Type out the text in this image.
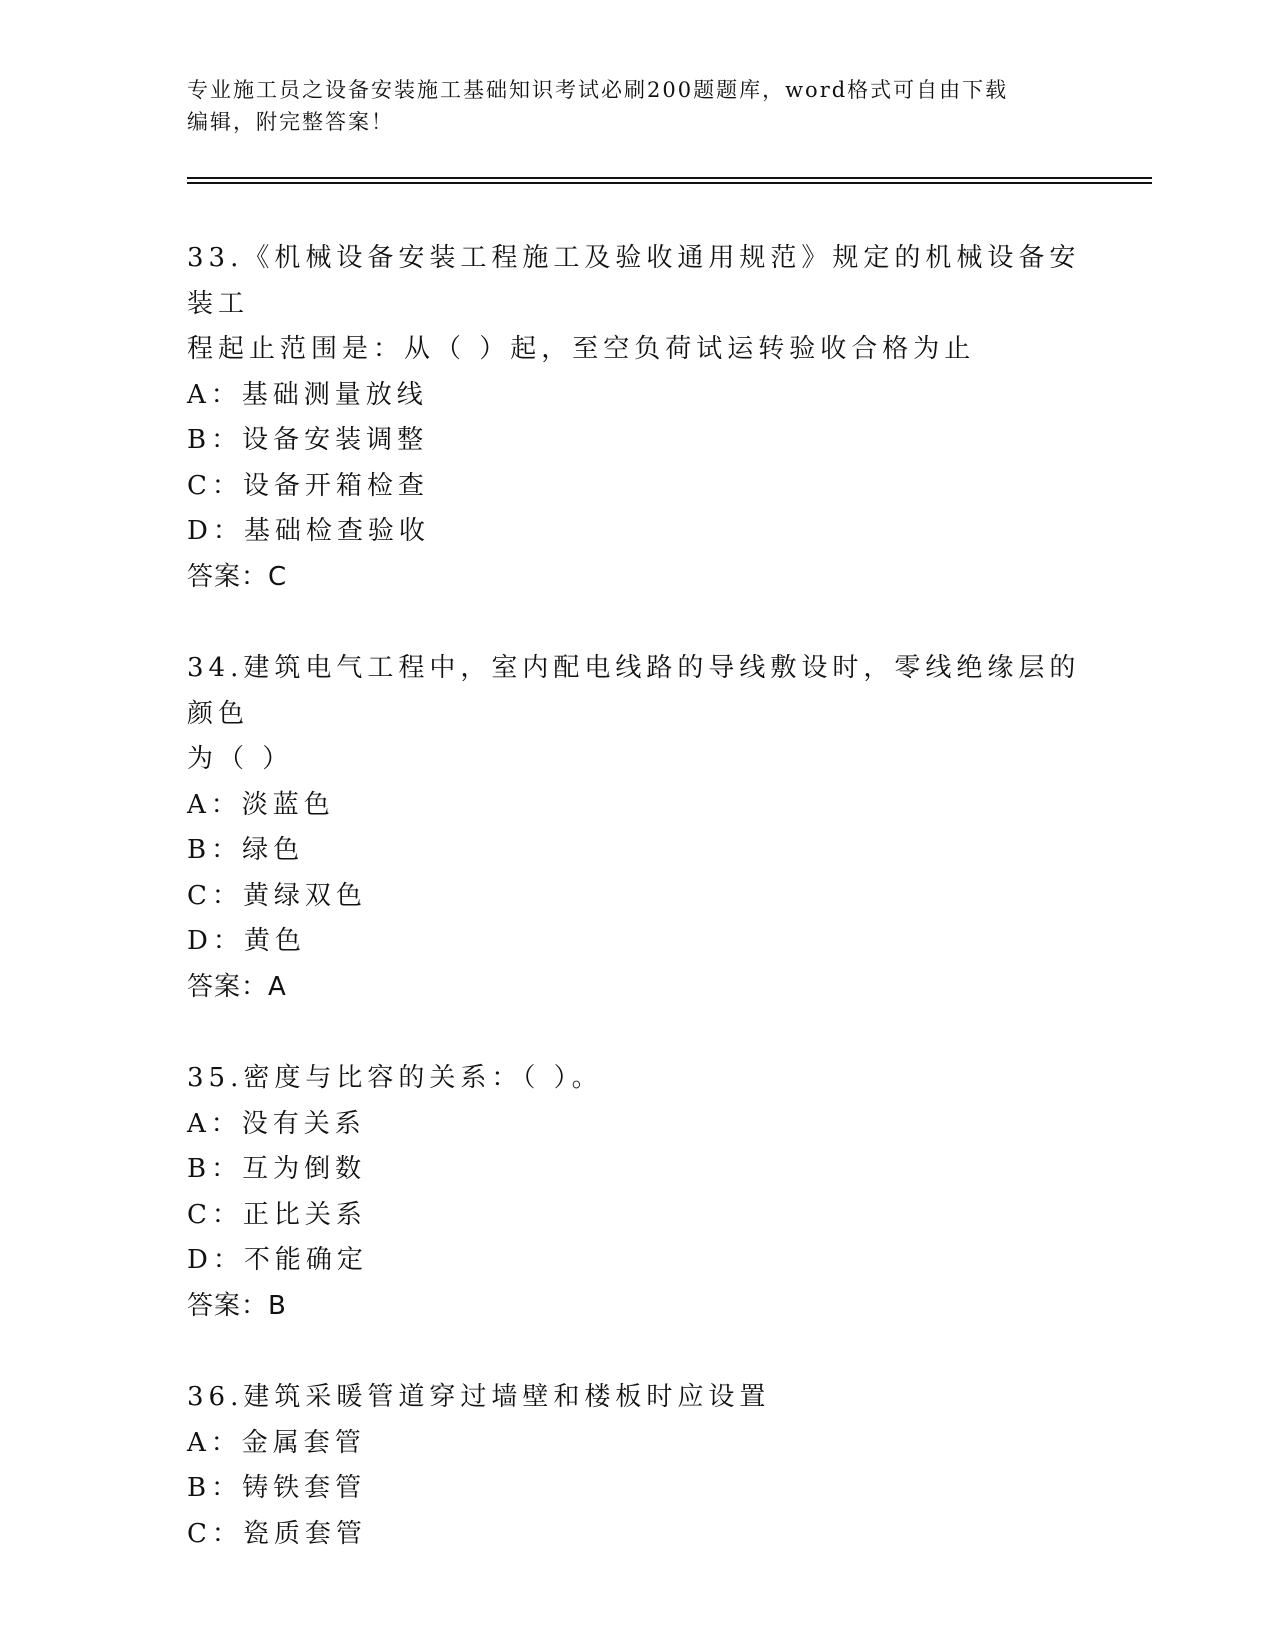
专业施工员之设备安装施工基础知识考试必刷200题题库，word格式可自由下载
编辑，附完整答案！
33.《机械设备安装工程施工及验收通用规范》规定的机械设备安装工
程起止范围是：从（ ）起，至空负荷试运转验收合格为止
A：基础测量放线
B：设备安装调整
C：设备开箱检查
D：基础检查验收
答案：C
34.建筑电气工程中，室内配电线路的导线敷设时，零线绝缘层的颜色
为（ ）
A：淡蓝色
B：绿色
C：黄绿双色
D：黄色
答案：A
35.密度与比容的关系：（ ）。
A：没有关系
B：互为倒数
C：正比关系
D：不能确定
答案：B
36.建筑采暖管道穿过墙壁和楼板时应设置
A：金属套管
B：铸铁套管
C：瓷质套管
